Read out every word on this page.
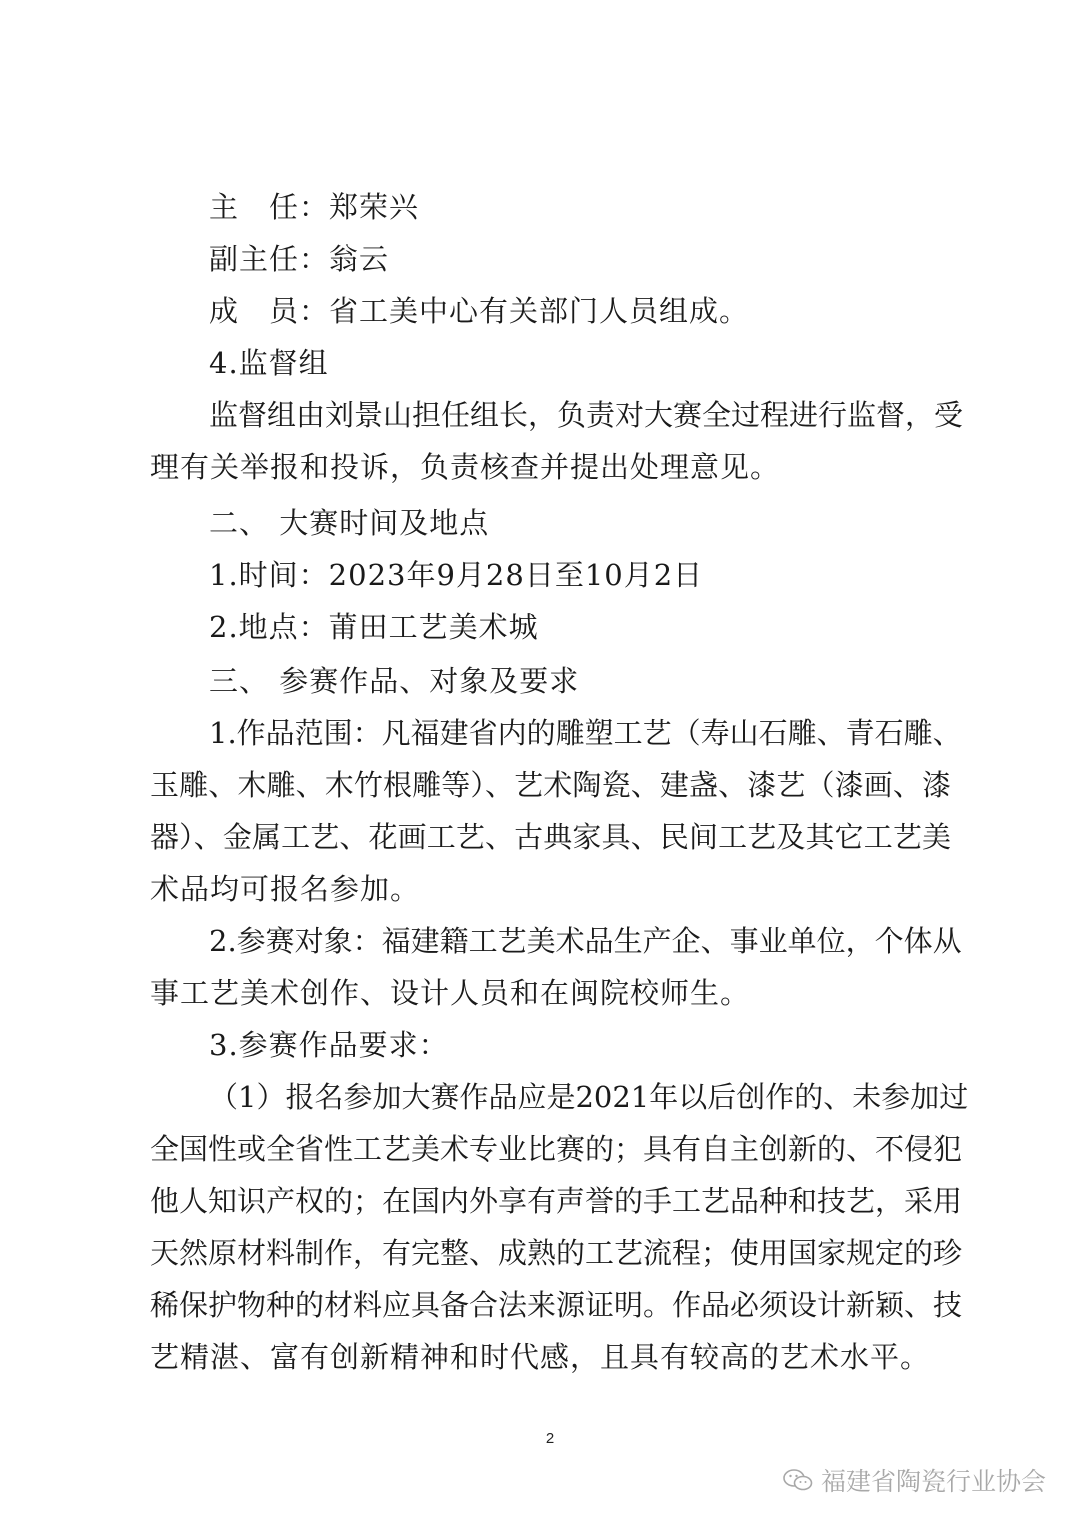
主　任：郑荣兴
副主任：翁云
成　员：省工美中心有关部门人员组成。
4.监督组
监督组由刘景山担任组长，负责对大赛全过程进行监督，受
理有关举报和投诉，负责核查并提出处理意见。
二、 大赛时间及地点
1.时间：2023年9月28日至10月2日
2.地点：莆田工艺美术城
三、 参赛作品、对象及要求
1.作品范围：凡福建省内的雕塑工艺（寿山石雕、青石雕、
玉雕、木雕、木竹根雕等）、艺术陶瓷、建盏、漆艺（漆画、漆
器）、金属工艺、花画工艺、古典家具、民间工艺及其它工艺美
术品均可报名参加。
2.参赛对象：福建籍工艺美术品生产企、事业单位，个体从
事工艺美术创作、设计人员和在闽院校师生。
3.参赛作品要求：
（1）报名参加大赛作品应是2021年以后创作的、未参加过
全国性或全省性工艺美术专业比赛的；具有自主创新的、不侵犯
他人知识产权的；在国内外享有声誉的手工艺品种和技艺，采用
天然原材料制作，有完整、成熟的工艺流程；使用国家规定的珍
稀保护物种的材料应具备合法来源证明。作品必须设计新颖、技
艺精湛、富有创新精神和时代感，且具有较高的艺术水平。
2
福建省陶瓷行业协会
